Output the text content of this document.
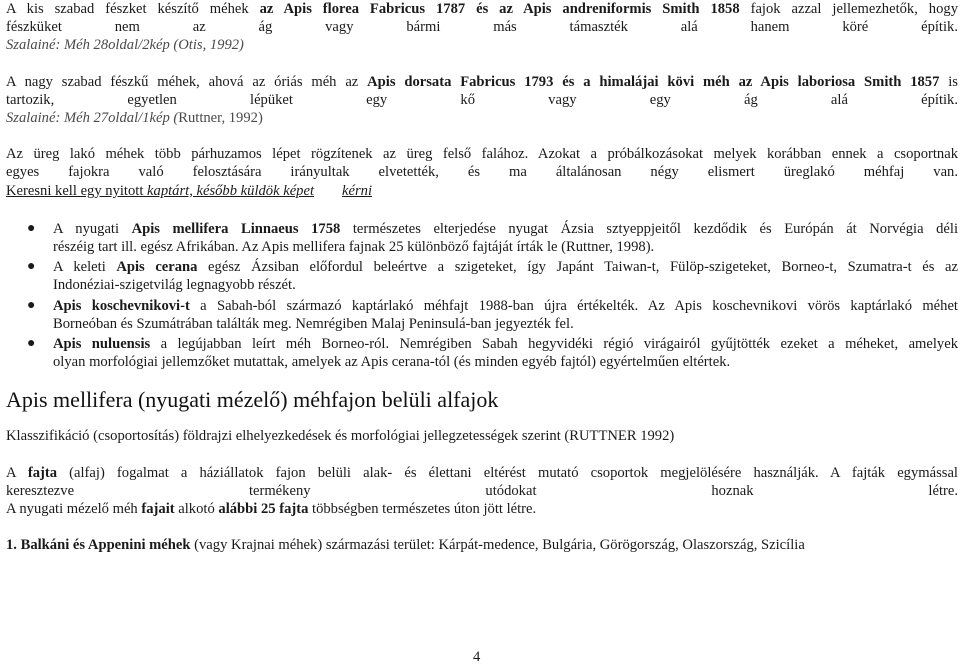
A kis szabad fészket készítő méhek az Apis florea Fabricus 1787 és az Apis andreniformis Smith 1858 fajok azzal jellemezhetők, hogy

fészküket nem az ág vagy bármi más támaszték alá hanem köré építik.

Szalainé: Méh 28oldal/2kép (Otis, 1992)

A nagy szabad fészkű méhek, ahová az óriás méh az Apis dorsata Fabricus 1793 és a himalájai kövi méh az Apis laboriosa Smith 1857 is

tartozik, egyetlen lépüket egy kő vagy egy ág alá építik.

Szalainé: Méh 27oldal/1kép (Ruttner, 1992)

Az üreg lakó méhek több párhuzamos lépet rögzítenek az üreg felső falához. Azokat a próbálkozásokat melyek korábban ennek a csoportnak

egyes fajokra való felosztására irányultak elvetették, és ma általánosan négy elismert üreglakó méhfaj van.

Keresni kell egy nyitott kaptárt, később küldök képet kérni

● A nyugati Apis mellifera Linnaeus 1758 természetes elterjedése nyugat Ázsia sztyeppjeitől kezdődik és Európán át Norvégia déli

részéig tart ill. egész Afrikában. Az Apis mellifera fajnak 25 különböző fajtáját írták le (Ruttner, 1998).

● A keleti Apis cerana egész Ázsiban előfordul beleértve a szigeteket, így Japánt Taiwan-t, Fülöp-szigeteket, Borneo-t, Szumatra-t és az

Indonéziai-szigetvilág legnagyobb részét.

● Apis koschevnikovi-t a Sabah-ból származó kaptárlakó méhfajt 1988-ban újra értékelték. Az Apis koschevnikovi vörös kaptárlakó méhet

Borneóban és Szumátrában találták meg. Nemrégiben Malaj Peninsulá-ban jegyezték fel.

● Apis nuluensis a legújabban leírt méh Borneo-ról. Nemrégiben Sabah hegyvidéki régió virágairól gyűjtötték ezeket a méheket, amelyek

olyan morfológiai jellemzőket mutattak, amelyek az Apis cerana-tól (és minden egyéb fajtól) egyértelműen eltértek.

Apis mellifera (nyugati mézelő) méhfajon belüli alfajok

Klasszifikáció (csoportosítás) földrajzi elhelyezkedések és morfológiai jellegzetességek szerint (RUTTNER 1992)

A fajta (alfaj) fogalmat a háziállatok fajon belüli alak- és élettani eltérést mutató csoportok megjelölésére használják. A fajták egymással

keresztezve termékeny utódokat hoznak létre.

A nyugati mézelő méh fajait alkotó alábbi 25 fajta többségben természetes úton jött létre.

1. Balkáni és Appenini méhek (vagy Krajnai méhek) származási terület: Kárpát-medence, Bulgária, Görögország, Olaszország, Szicília

4
